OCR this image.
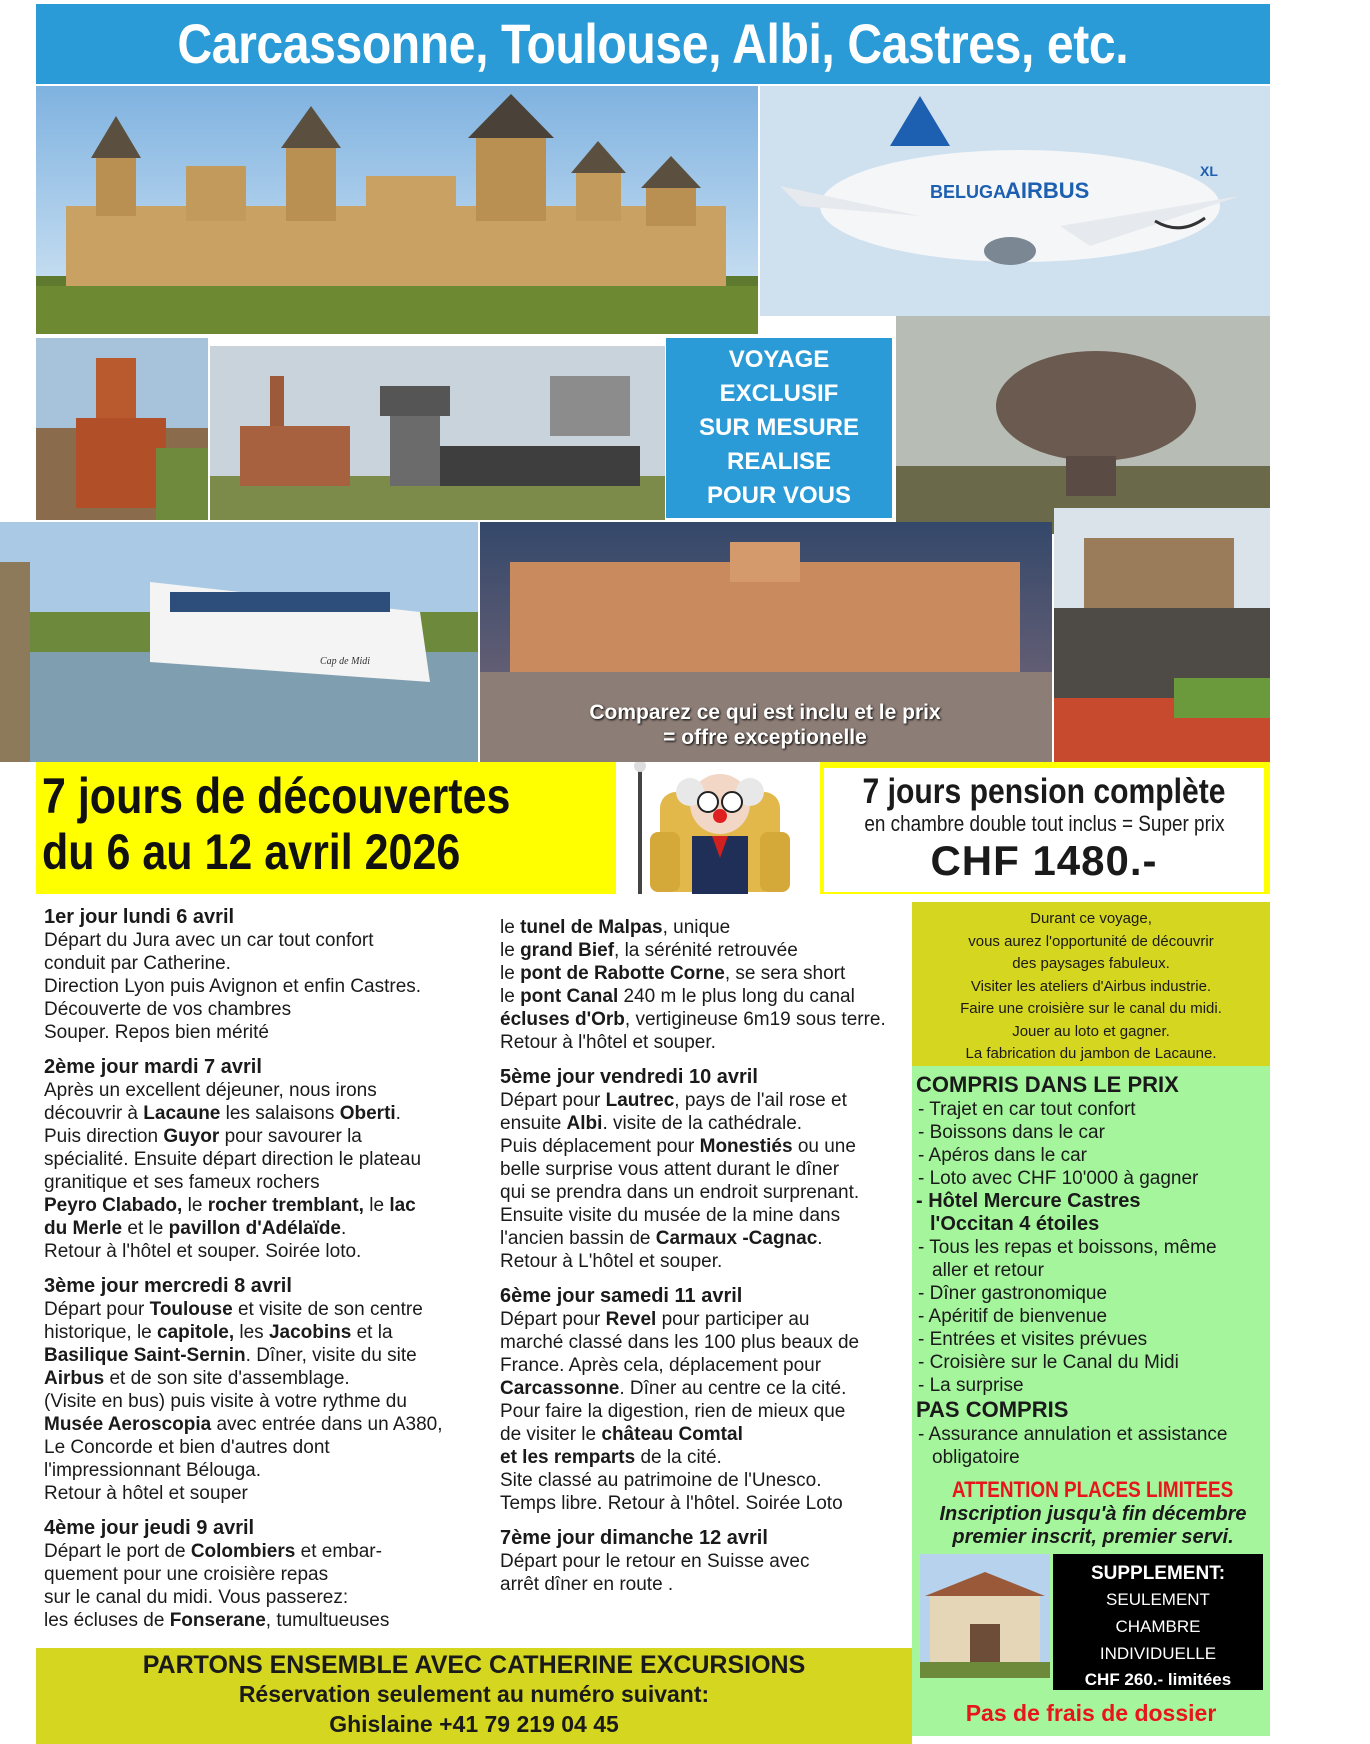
Carcassonne, Toulouse, Albi, Castres, etc.
BELUGA AIRBUS
XL
VOYAGE
EXCLUSIF
SUR MESURE
REALISE
POUR VOUS
Cap de Midi
Comparez ce qui est inclu et le prix
= offre exceptionelle
7 jours de découvertes
du 6 au 12 avril 2026
7 jours pension complète
en chambre double tout inclus = Super prix
CHF 1480.-
1er jour lundi 6 avril
Départ du Jura avec un car tout confort
conduit par Catherine.
Direction Lyon puis Avignon et enfin Castres.
Découverte de vos chambres
Souper. Repos bien mérité
2ème jour mardi 7 avril
Après un excellent déjeuner, nous irons
découvrir à Lacaune les salaisons Oberti.
Puis direction Guyor pour savourer la
spécialité. Ensuite départ direction le plateau
granitique et ses fameux rochers
Peyro Clabado, le rocher tremblant, le lac
du Merle et le pavillon d'Adélaïde.
Retour à l'hôtel et souper. Soirée loto.
3ème jour mercredi 8 avril
Départ pour Toulouse et visite de son centre
historique, le capitole, les Jacobins et la
Basilique Saint-Sernin. Dîner, visite du site
Airbus et de son site d'assemblage.
(Visite en bus) puis visite à votre rythme du
Musée Aeroscopia avec entrée dans un A380,
Le Concorde et bien d'autres dont
l'impressionnant Bélouga.
Retour à hôtel et souper
4ème jour jeudi 9 avril
Départ le port de Colombiers et embar-
quement pour une croisière repas
sur le canal du midi. Vous passerez:
les écluses de Fonserane, tumultueuses
le tunel de Malpas, unique
le grand Bief, la sérénité retrouvée
le pont de Rabotte Corne, se sera short
le pont Canal 240 m le plus long du canal
écluses d'Orb, vertigineuse 6m19 sous terre.
Retour à l'hôtel et souper.
5ème jour vendredi 10 avril
Départ pour Lautrec, pays de l'ail rose et
ensuite Albi. visite de la cathédrale.
Puis déplacement pour Monestiés ou une
belle surprise vous attent durant le dîner
qui se prendra dans un endroit surprenant.
Ensuite visite du musée de la mine dans
l'ancien bassin de Carmaux -Cagnac.
Retour à L'hôtel et souper.
6ème jour samedi 11 avril
Départ pour Revel pour participer au
marché classé dans les 100 plus beaux de
France. Après cela, déplacement pour
Carcassonne. Dîner au centre ce la cité.
Pour faire la digestion, rien de mieux que
de visiter le château Comtal
et les remparts de la cité.
Site classé au patrimoine de l'Unesco.
Temps libre. Retour à l'hôtel. Soirée Loto
7ème jour dimanche 12 avril
Départ pour le retour en Suisse avec
arrêt dîner en route .
Durant ce voyage,
vous aurez l'opportunité de découvrir
des paysages fabuleux.
Visiter les ateliers d'Airbus industrie.
Faire une croisière sur le canal du midi.
Jouer au loto et gagner.
La fabrication du jambon de Lacaune.
COMPRIS DANS LE PRIX
- Trajet en car tout confort
- Boissons dans le car
- Apéros dans le car
- Loto avec CHF 10'000 à gagner
- Hôtel Mercure Castres
l'Occitan 4 étoiles
- Tous les repas et boissons, même
aller et retour
- Dîner gastronomique
- Apéritif de bienvenue
- Entrées et visites prévues
- Croisière sur le Canal du Midi
- La surprise
PAS COMPRIS
- Assurance annulation et assistance
obligatoire
ATTENTION PLACES LIMITEES
Inscription jusqu'à fin décembre
premier inscrit, premier servi.
SUPPLEMENT:
SEULEMENT
CHAMBRE
INDIVIDUELLE
CHF 260.- limitées
Pas de frais de dossier
PARTONS ENSEMBLE AVEC CATHERINE EXCURSIONS
Réservation seulement au numéro suivant:
Ghislaine +41 79 219 04 45
